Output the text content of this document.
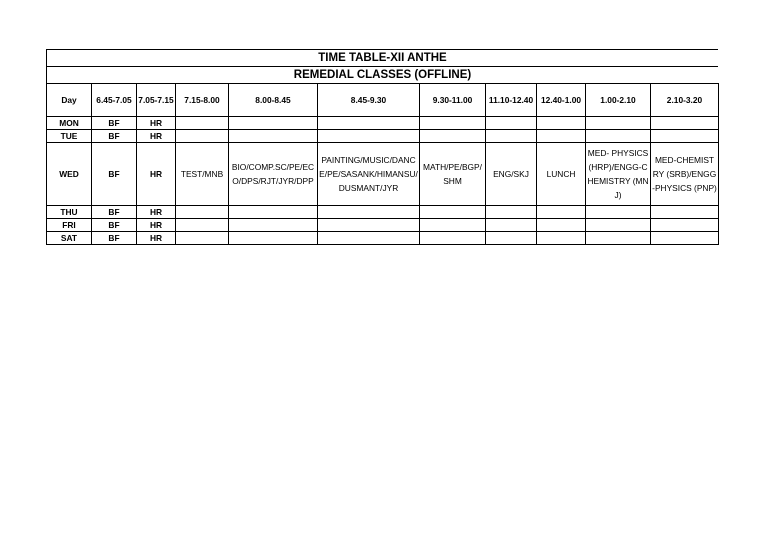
TIME TABLE-XII ANTHE
REMEDIAL CLASSES (OFFLINE)
Day	6.45-7.05	7.05-7.15	7.15-8.00	8.00-8.45	8.45-9.30	9.30-11.00	11.10-12.40	12.40-1.00	1.00-2.10	2.10-3.20
MON	BF	HR								
TUE	BF	HR								
WED	BF	HR	TEST/MNB	BIO/COMP.SC/PE/ECO/DPS/RJT/JYR/DPP	PAINTING/MUSIC/DANCE/PE/SASANK/HIMANSU/DUSMANT/JYR	MATH/PE/BGP/SHM	ENG/SKJ	LUNCH	MED- PHYSICS (HRP)/ENGG-CHEMISTRY (MNJ)	MED-CHEMISTRY (SRB)/ENGG-PHYSICS (PNP)
THU	BF	HR								
FRI	BF	HR								
SAT	BF	HR								
